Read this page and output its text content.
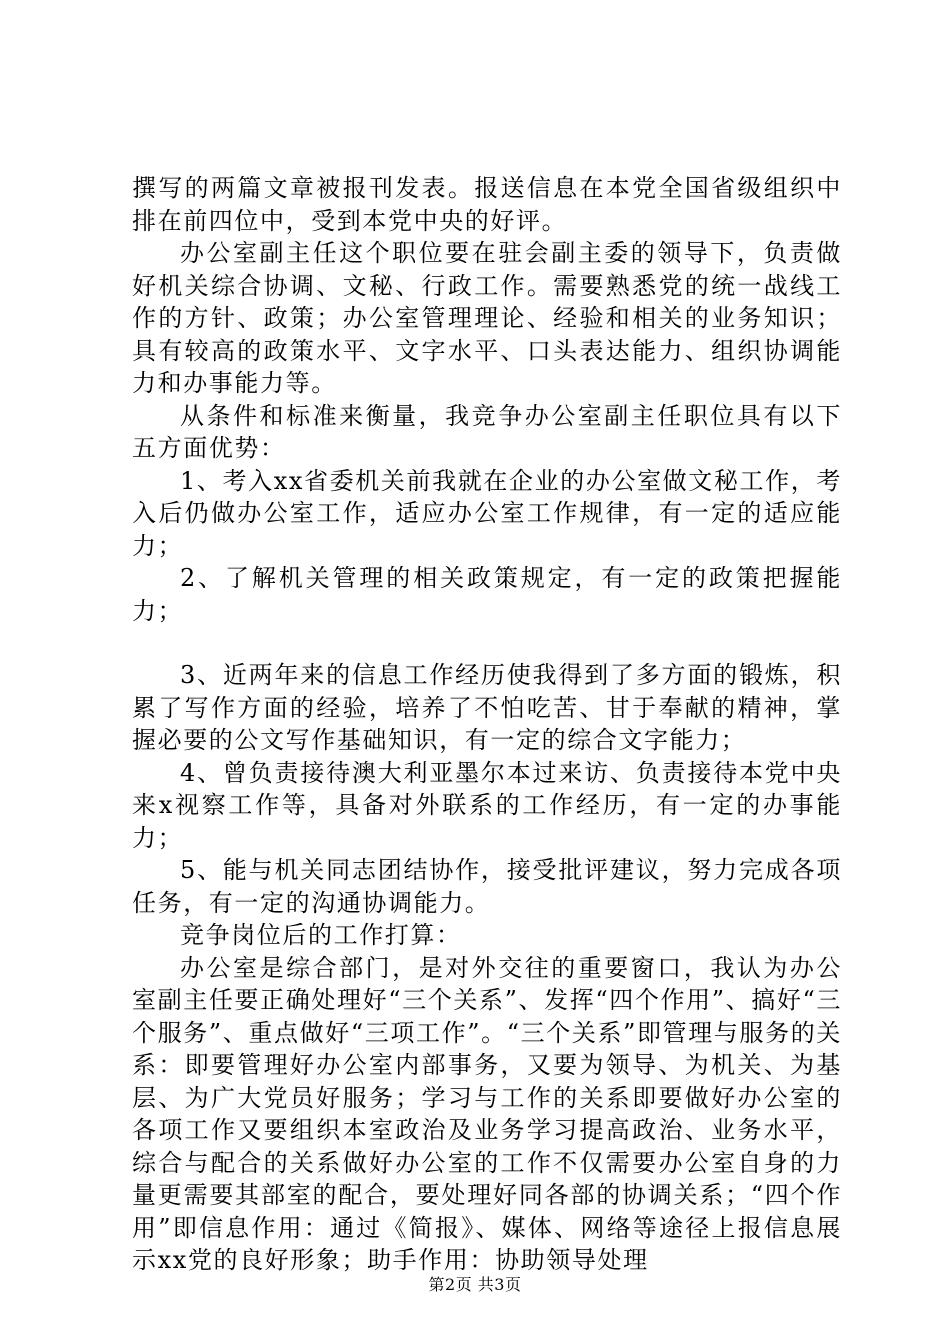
撰写的两篇文章被报刊发表。报送信息在本党全国省级组织中排在前四位中，受到本党中央的好评。

办公室副主任这个职位要在驻会副主委的领导下，负责做好机关综合协调、文秘、行政工作。需要熟悉党的统一战线工作的方针、政策；办公室管理理论、经验和相关的业务知识；具有较高的政策水平、文字水平、口头表达能力、组织协调能力和办事能力等。

从条件和标准来衡量，我竞争办公室副主任职位具有以下五方面优势：

1、考入xx省委机关前我就在企业的办公室做文秘工作，考入后仍做办公室工作，适应办公室工作规律，有一定的适应能力；

2、了解机关管理的相关政策规定，有一定的政策把握能力；

3、近两年来的信息工作经历使我得到了多方面的锻炼，积累了写作方面的经验，培养了不怕吃苦、甘于奉献的精神，掌握必要的公文写作基础知识，有一定的综合文字能力；

4、曾负责接待澳大利亚墨尔本过来访、负责接待本党中央来x视察工作等，具备对外联系的工作经历，有一定的办事能力；

5、能与机关同志团结协作，接受批评建议，努力完成各项任务，有一定的沟通协调能力。

竞争岗位后的工作打算：

办公室是综合部门，是对外交往的重要窗口，我认为办公室副主任要正确处理好“三个关系”、发挥“四个作用”、搞好“三个服务”、重点做好“三项工作”。“三个关系”即管理与服务的关系：即要管理好办公室内部事务，又要为领导、为机关、为基层、为广大党员好服务；学习与工作的关系即要做好办公室的各项工作又要组织本室政治及业务学习提高政治、业务水平，综合与配合的关系做好办公室的工作不仅需要办公室自身的力量更需要其部室的配合，要处理好同各部的协调关系；“四个作用”即信息作用：通过《简报》、媒体、网络等途径上报信息展示xx党的良好形象；助手作用：协助领导处理

第2页 共3页
